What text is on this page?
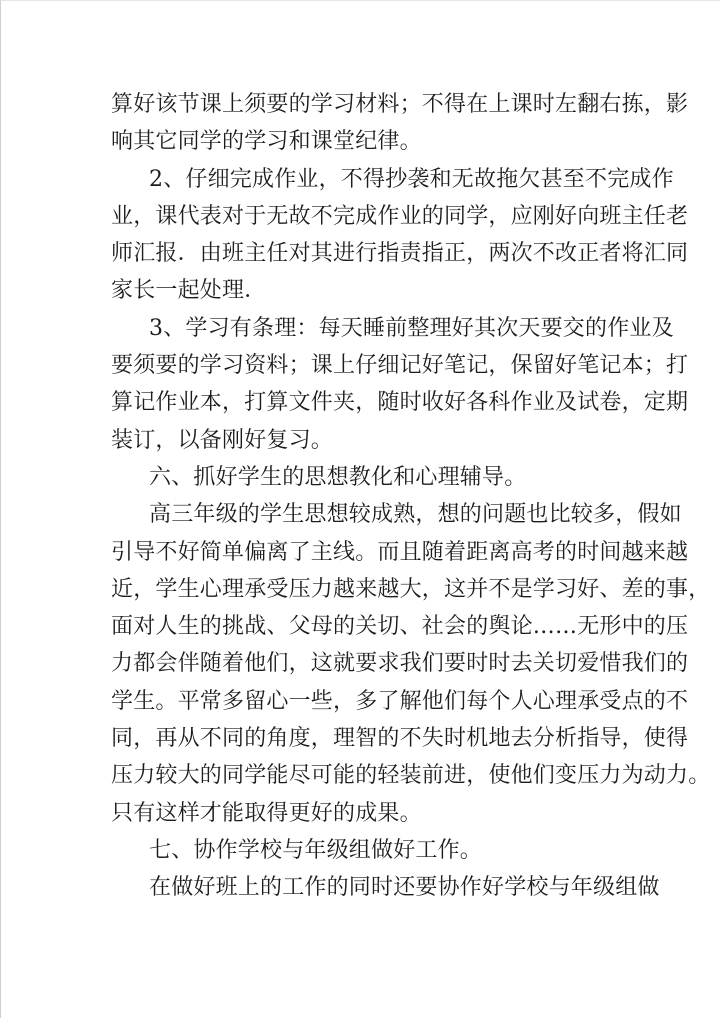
算好该节课上须要的学习材料；不得在上课时左翻右拣，影
响其它同学的学习和课堂纪律。
2、仔细完成作业，不得抄袭和无故拖欠甚至不完成作
业，课代表对于无故不完成作业的同学，应刚好向班主任老
师汇报．由班主任对其进行指责指正，两次不改正者将汇同
家长一起处理．
3、学习有条理：每天睡前整理好其次天要交的作业及
要须要的学习资料；课上仔细记好笔记，保留好笔记本；打
算记作业本，打算文件夹，随时收好各科作业及试卷，定期
装订，以备刚好复习。
六、抓好学生的思想教化和心理辅导。
高三年级的学生思想较成熟，想的问题也比较多，假如
引导不好简单偏离了主线。而且随着距离高考的时间越来越
近，学生心理承受压力越来越大，这并不是学习好、差的事，
面对人生的挑战、父母的关切、社会的舆论……无形中的压
力都会伴随着他们，这就要求我们要时时去关切爱惜我们的
学生。平常多留心一些，多了解他们每个人心理承受点的不
同，再从不同的角度，理智的不失时机地去分析指导，使得
压力较大的同学能尽可能的轻装前进，使他们变压力为动力。
只有这样才能取得更好的成果。
七、协作学校与年级组做好工作。
在做好班上的工作的同时还要协作好学校与年级组做
